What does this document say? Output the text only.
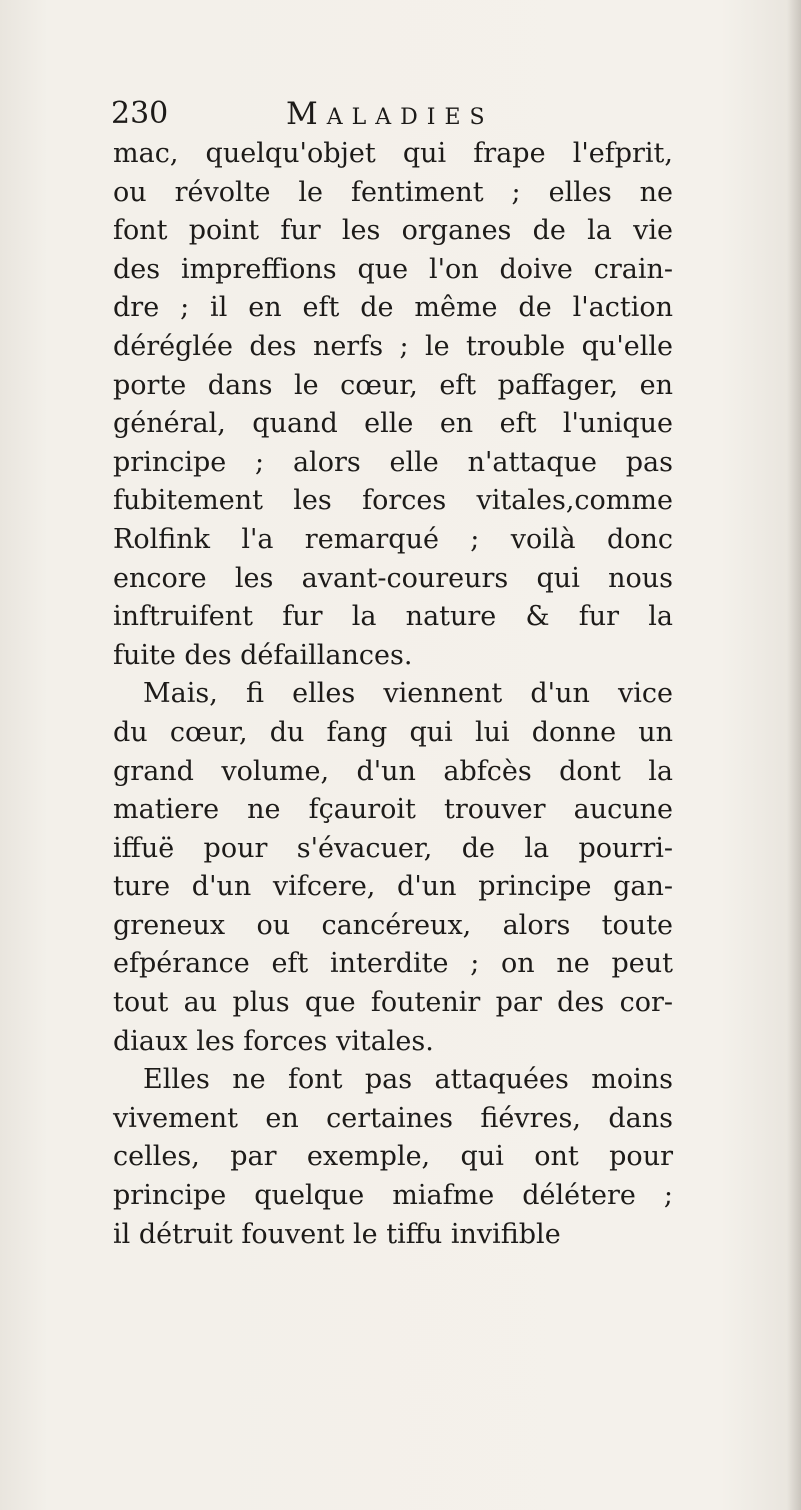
230	Maladies
mac, quelqu'objet qui frape l'efprit,
ou révolte le fentiment ; elles ne
font point fur les organes de la vie
des impreffions que l'on doive crain-
dre ; il en eft de même de l'action
déréglée des nerfs ; le trouble qu'elle
porte dans le cœur, eft paffager, en
général, quand elle en eft l'unique
principe ; alors elle n'attaque pas
fubitement les forces vitales,comme
Rolfink l'a remarqué ; voilà donc
encore les avant-coureurs qui nous
inftruifent fur la nature & fur la
fuite des défaillances.
Mais, fi elles viennent d'un vice
du cœur, du fang qui lui donne un
grand volume, d'un abfcès dont la
matiere ne fçauroit trouver aucune
iffuë pour s'évacuer, de la pourri-
ture d'un vifcere, d'un principe gan-
greneux ou cancéreux, alors toute
efpérance eft interdite ; on ne peut
tout au plus que foutenir par des cor-
diaux les forces vitales.
Elles ne font pas attaquées moins
vivement en certaines fiévres, dans
celles, par exemple, qui ont pour
principe quelque miafme délétere ;
il détruit fouvent le tiffu invifible
